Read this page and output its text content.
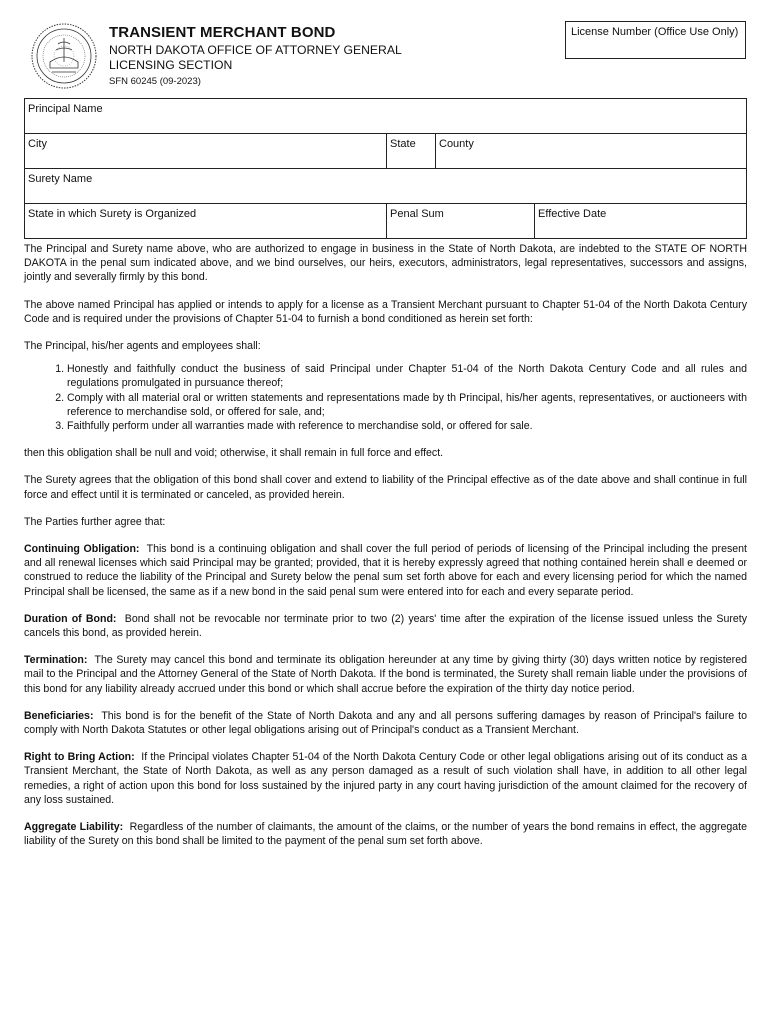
TRANSIENT MERCHANT BOND
NORTH DAKOTA OFFICE OF ATTORNEY GENERAL
LICENSING SECTION
SFN 60245 (09-2023)
License Number (Office Use Only)
Principal Name
City	State	County
Surety Name
State in which Surety is Organized	Penal Sum	Effective Date

The Principal and Surety name above, who are authorized to engage in business in the State of North Dakota, are indebted to the STATE OF NORTH DAKOTA in the penal sum indicated above, and we bind ourselves, our heirs, executors, administrators, legal representatives, successors and assigns, jointly and severally firmly by this bond.

The above named Principal has applied or intends to apply for a license as a Transient Merchant pursuant to Chapter 51-04 of the North Dakota Century Code and is required under the provisions of Chapter 51-04 to furnish a bond conditioned as herein set forth:

The Principal, his/her agents and employees shall:

1. Honestly and faithfully conduct the business of said Principal under Chapter 51-04 of the North Dakota Century Code and all rules and regulations promulgated in pursuance thereof;
2. Comply with all material oral or written statements and representations made by th Principal, his/her agents, representatives, or auctioneers with reference to merchandise sold, or offered for sale, and;
3. Faithfully perform under all warranties made with reference to merchandise sold, or offered for sale.

then this obligation shall be null and void; otherwise, it shall remain in full force and effect.

The Surety agrees that the obligation of this bond shall cover and extend to liability of the Principal effective as of the date above and shall continue in full force and effect until it is terminated or canceled, as provided herein.

The Parties further agree that:

Continuing Obligation: This bond is a continuing obligation and shall cover the full period of periods of licensing of the Principal including the present and all renewal licenses which said Principal may be granted; provided, that it is hereby expressly agreed that nothing contained herein shall e deemed or construed to reduce the liability of the Principal and Surety below the penal sum set forth above for each and every licensing period for which the named Principal shall be licensed, the same as if a new bond in the said penal sum were entered into for each and every separate period.

Duration of Bond: Bond shall not be revocable nor terminate prior to two (2) years' time after the expiration of the license issued unless the Surety cancels this bond, as provided herein.

Termination: The Surety may cancel this bond and terminate its obligation hereunder at any time by giving thirty (30) days written notice by registered mail to the Principal and the Attorney General of the State of North Dakota. If the bond is terminated, the Surety shall remain liable under the provisions of this bond for any liability already accrued under this bond or which shall accrue before the expiration of the thirty day notice period.

Beneficiaries: This bond is for the benefit of the State of North Dakota and any and all persons suffering damages by reason of Principal's failure to comply with North Dakota Statutes or other legal obligations arising out of Principal's conduct as a Transient Merchant.

Right to Bring Action: If the Principal violates Chapter 51-04 of the North Dakota Century Code or other legal obligations arising out of its conduct as a Transient Merchant, the State of North Dakota, as well as any person damaged as a result of such violation shall have, in addition to all other legal remedies, a right of action upon this bond for loss sustained by the injured party in any court having jurisdiction of the amount claimed for the recovery of any loss sustained.

Aggregate Liability: Regardless of the number of claimants, the amount of the claims, or the number of years the bond remains in effect, the aggregate liability of the Surety on this bond shall be limited to the payment of the penal sum set forth above.
